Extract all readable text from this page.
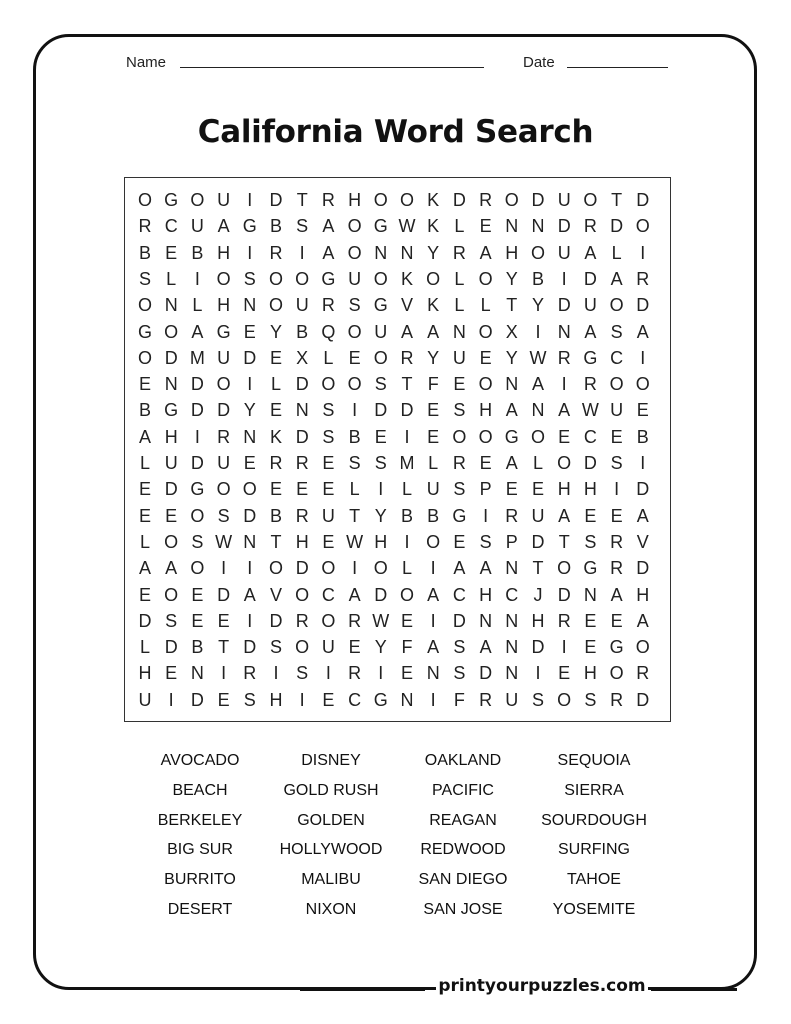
Name	Date
California Word Search
O G O U I D T R H O O K D R O D U O T D
R C U A G B S A O G W K L E N N D R D O
B E B H I R I A O N N Y R A H O U A L	I
S L	I O S O O G U O K O L O Y B I D A R
O N L H N O U R S G V K L L T Y D U O D
G O A G E Y B Q O U A A N O X I N A S A
O D M U D E X L E O R Y U E Y W R G C I
E N D O I	L D O O S T F E O N A I R O O
B G D D Y E N S I D D E S H A N A W U E
A H I R N K D S B E I E O O G O E C E B
L U D U E R R E S S M L R E A L O D S I
E D G O O E E E L	I	L U S P E E H H I D
E E O S D B R U T Y B B G I R U A E E A
L O S W N T H E W H I O E S P D T S R V
A A O I	I O D O I O L	I A A N T O G R D
E O E D A V O C A D O A C H C J D N A H
D S E E I D R O R W E I D N N H R E E A
L D B T D S O U E Y F A S A N D I E G O
H E N I R I S I R I E N S D N I E H O R
U I D E S H I E C G N I	F R U S O S R D
AVOCADO	DISNEY	OAKLAND	SEQUOIA
BEACH	GOLD RUSH	PACIFIC	SIERRA
BERKELEY	GOLDEN	REAGAN	SOURDOUGH
BIG SUR	HOLLYWOOD	REDWOOD	SURFING
BURRITO	MALIBU	SAN DIEGO	TAHOE
DESERT	NIXON	SAN JOSE	YOSEMITE
printyourpuzzles.com
